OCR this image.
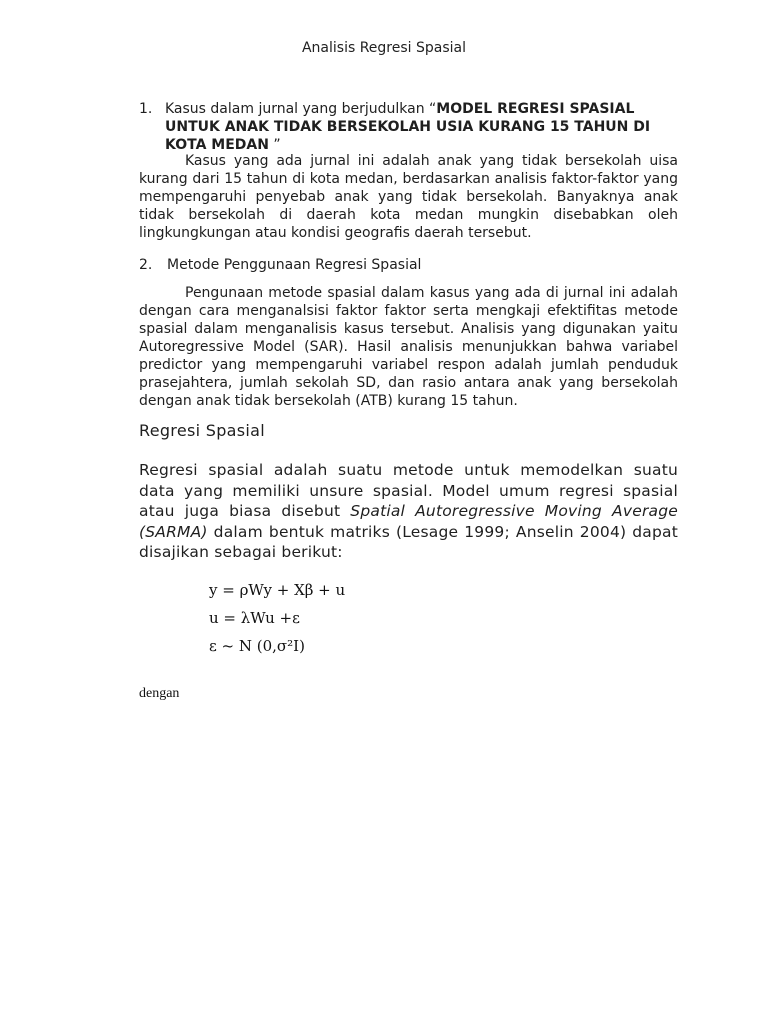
Analisis Regresi Spasial
1. Kasus dalam jurnal yang berjudulkan “MODEL REGRESI SPASIAL UNTUK ANAK TIDAK BERSEKOLAH USIA KURANG 15 TAHUN DI KOTA MEDAN ”
Kasus yang ada jurnal ini adalah anak yang tidak bersekolah uisa kurang dari 15 tahun di kota medan, berdasarkan analisis faktor-faktor yang mempengaruhi penyebab anak yang tidak bersekolah. Banyaknya anak tidak bersekolah di daerah kota medan mungkin disebabkan oleh lingkungkungan atau kondisi geografis daerah tersebut.
2. Metode Penggunaan Regresi Spasial
Pengunaan metode spasial dalam kasus yang ada di jurnal ini adalah dengan cara menganalsisi faktor faktor serta mengkaji efektifitas metode spasial dalam menganalisis kasus tersebut. Analisis yang digunakan yaitu Autoregressive Model (SAR). Hasil analisis menunjukkan bahwa variabel predictor yang mempengaruhi variabel respon adalah jumlah penduduk prasejahtera, jumlah sekolah SD, dan rasio antara anak yang bersekolah dengan anak tidak bersekolah (ATB) kurang 15 tahun.
Regresi Spasial
Regresi spasial adalah suatu metode untuk memodelkan suatu data yang memiliki unsure spasial. Model umum regresi spasial atau juga biasa disebut Spatial Autoregressive Moving Average (SARMA) dalam bentuk matriks (Lesage 1999; Anselin 2004) dapat disajikan sebagai berikut:
y = ρWy + Xβ + u
u = λWu +ε
ε ~ N (0,σ²I)
dengan
